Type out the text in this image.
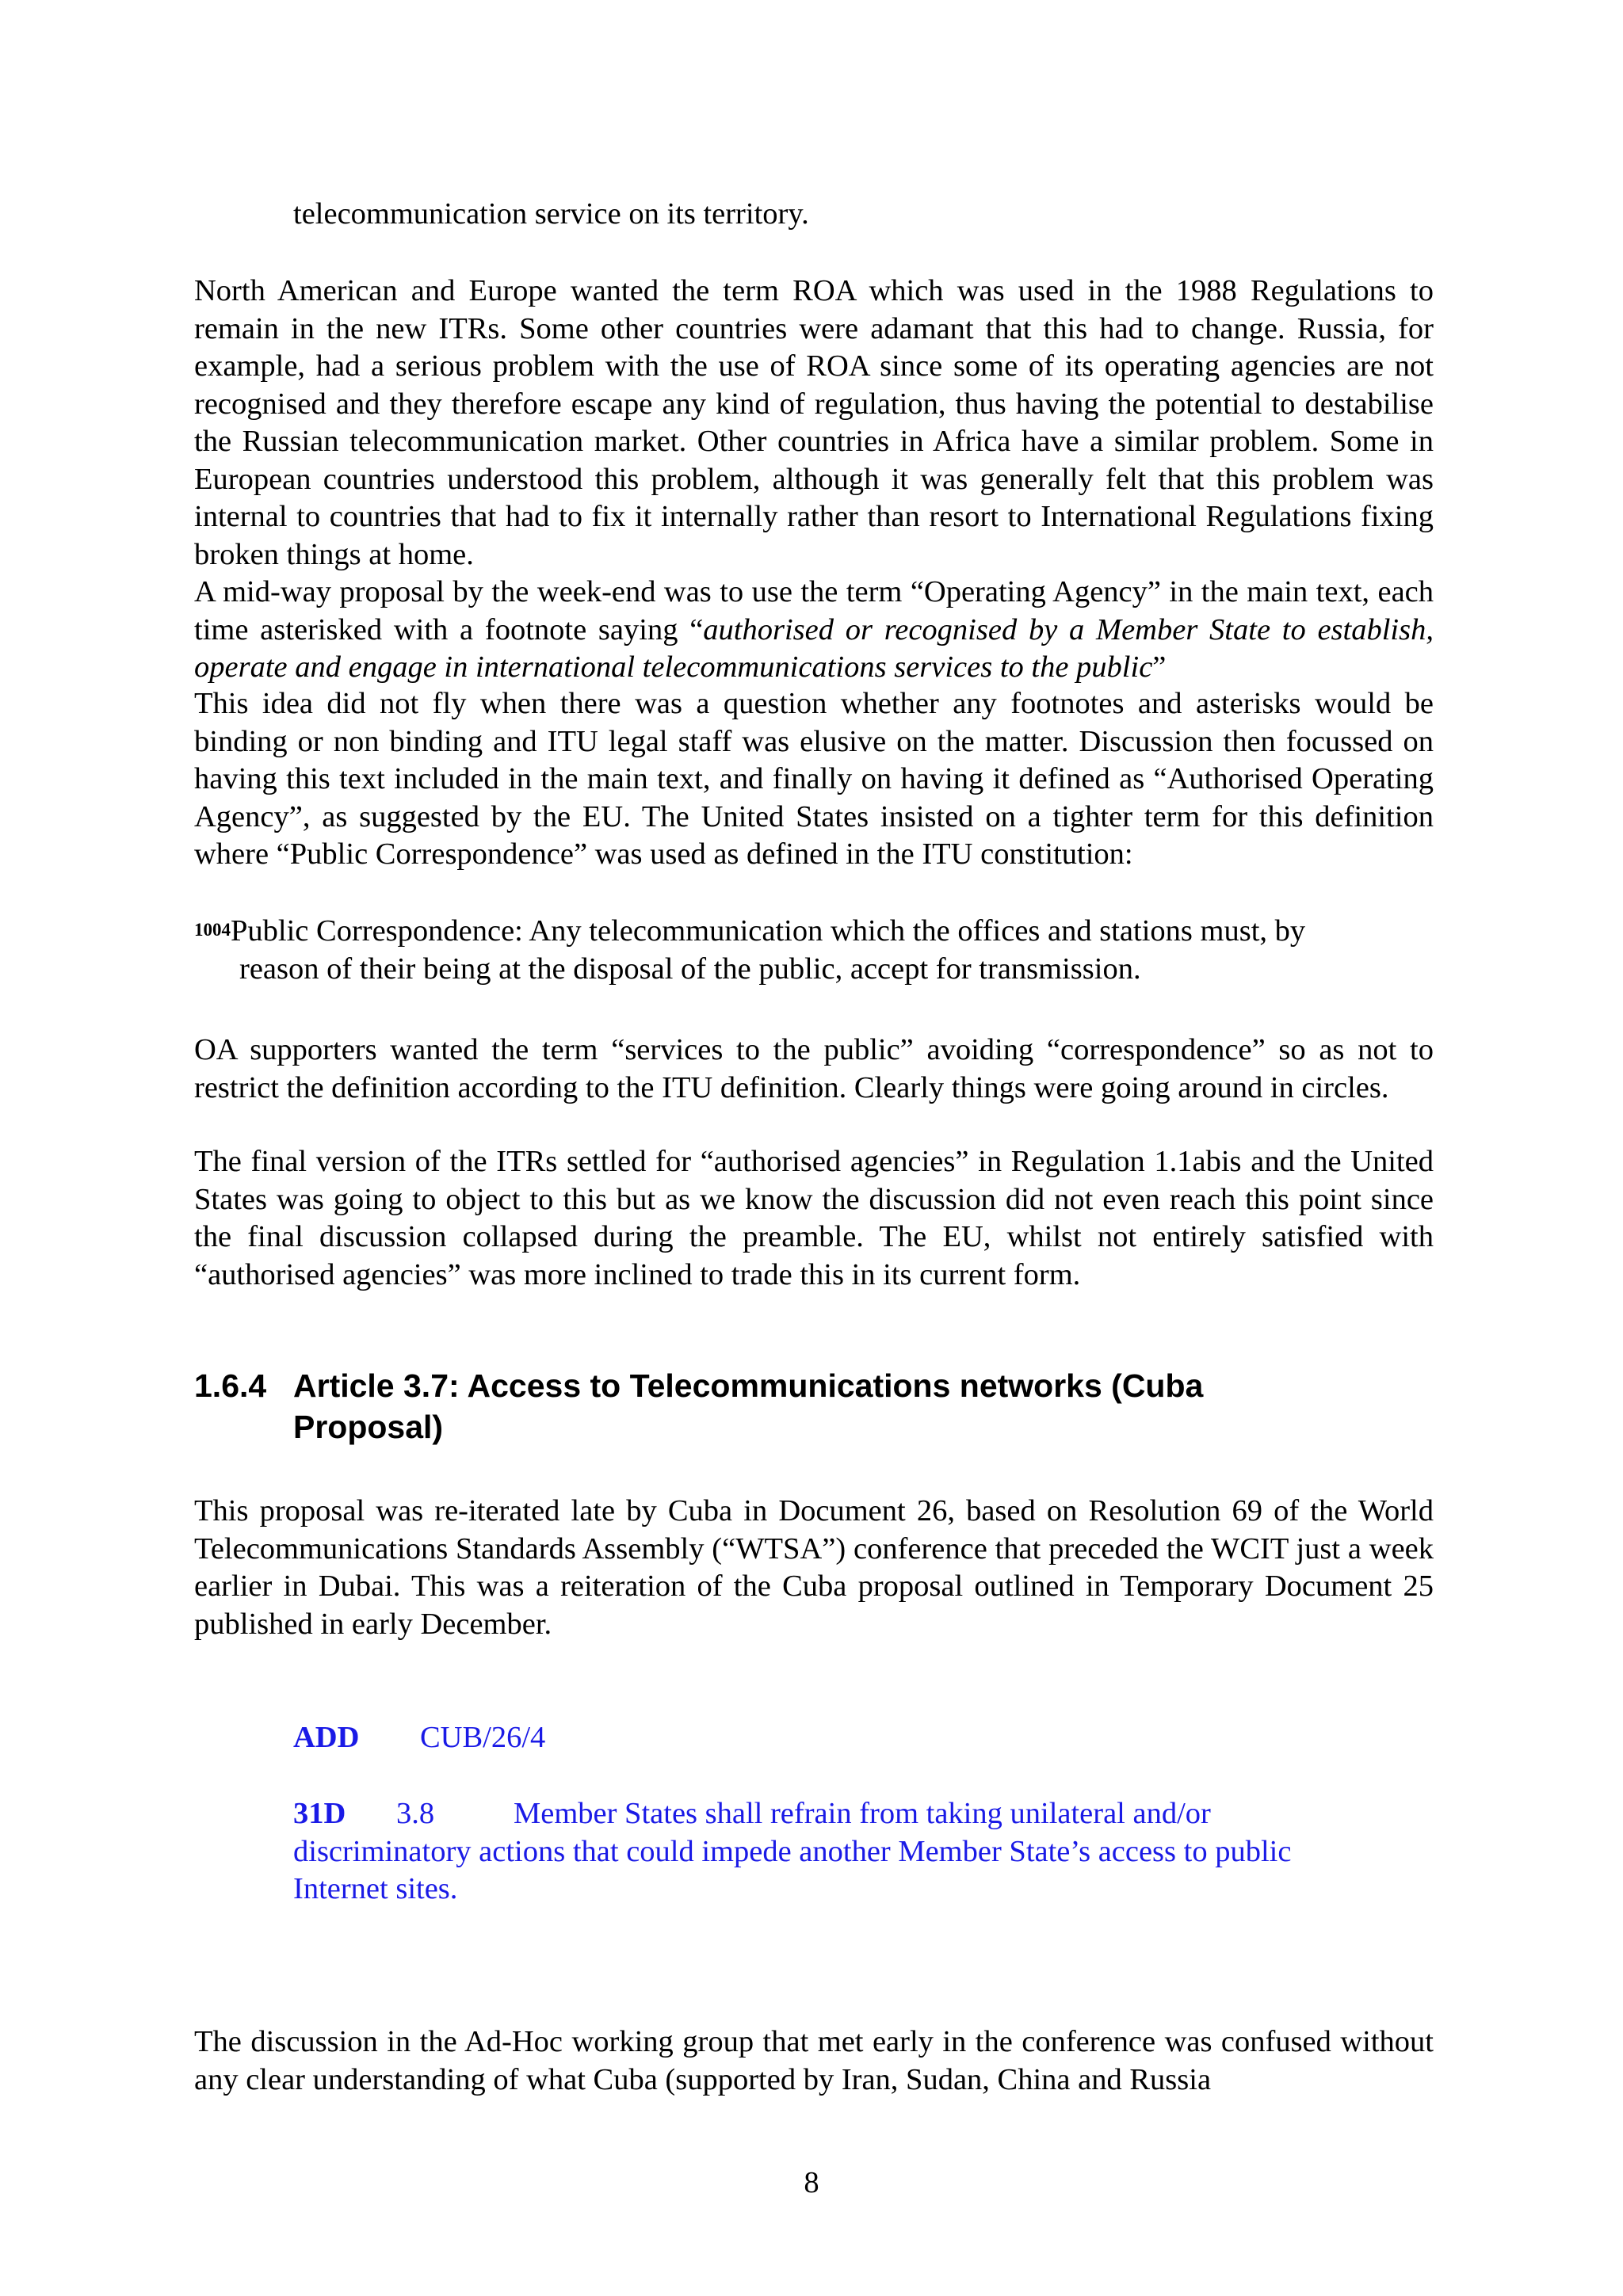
telecommunication service on its territory.

North American and Europe wanted the term ROA which was used in the 1988 Regulations to remain in the new ITRs. Some other countries were adamant that this had to change. Russia, for example, had a serious problem with the use of ROA since some of its operating agencies are not recognised and they therefore escape any kind of regulation, thus having the potential to destabilise the Russian telecommunication market. Other countries in Africa have a similar problem. Some in European countries understood this problem, although it was generally felt that this problem was internal to countries that had to fix it internally rather than resort to International Regulations fixing broken things at home.

A mid-way proposal by the week-end was to use the term “Operating Agency” in the main text, each time asterisked with a footnote saying “authorised or recognised by a Member State to establish, operate and engage in international telecommunications services to the public”

This idea did not fly when there was a question whether any footnotes and asterisks would be binding or non binding and ITU legal staff was elusive on the matter. Discussion then focussed on having this text included in the main text, and finally on having it defined as “Authorised Operating Agency”, as suggested by the EU. The United States insisted on a tighter term for this definition where “Public Correspondence” was used as defined in the ITU constitution:

$^{1004}$Public Correspondence: Any telecommunication which the offices and stations must, by
reason of their being at the disposal of the public, accept for transmission.

OA supporters wanted the term “services to the public” avoiding “correspondence” so as not to restrict the definition according to the ITU definition. Clearly things were going around in circles.

The final version of the ITRs settled for “authorised agencies” in Regulation 1.1abis and the United States was going to object to this but as we know the discussion did not even reach this point since the final discussion collapsed during the preamble. The EU, whilst not entirely satisfied with “authorised agencies” was more inclined to trade this in its current form.

1.6.4 Article 3.7: Access to Telecommunications networks (Cuba Proposal)

This proposal was re-iterated late by Cuba in Document 26, based on Resolution 69 of the World Telecommunications Standards Assembly (“WTSA”) conference that preceded the WCIT just a week earlier in Dubai. This was a reiteration of the Cuba proposal outlined in Temporary Document 25 published in early December.

ADD CUB/26/4
31D 3.8	Member States shall refrain from taking unilateral and/or
discriminatory actions that could impede another Member State’s access to public Internet sites.

The discussion in the Ad-Hoc working group that met early in the conference was confused without any clear understanding of what Cuba (supported by Iran, Sudan, China and Russia

8
